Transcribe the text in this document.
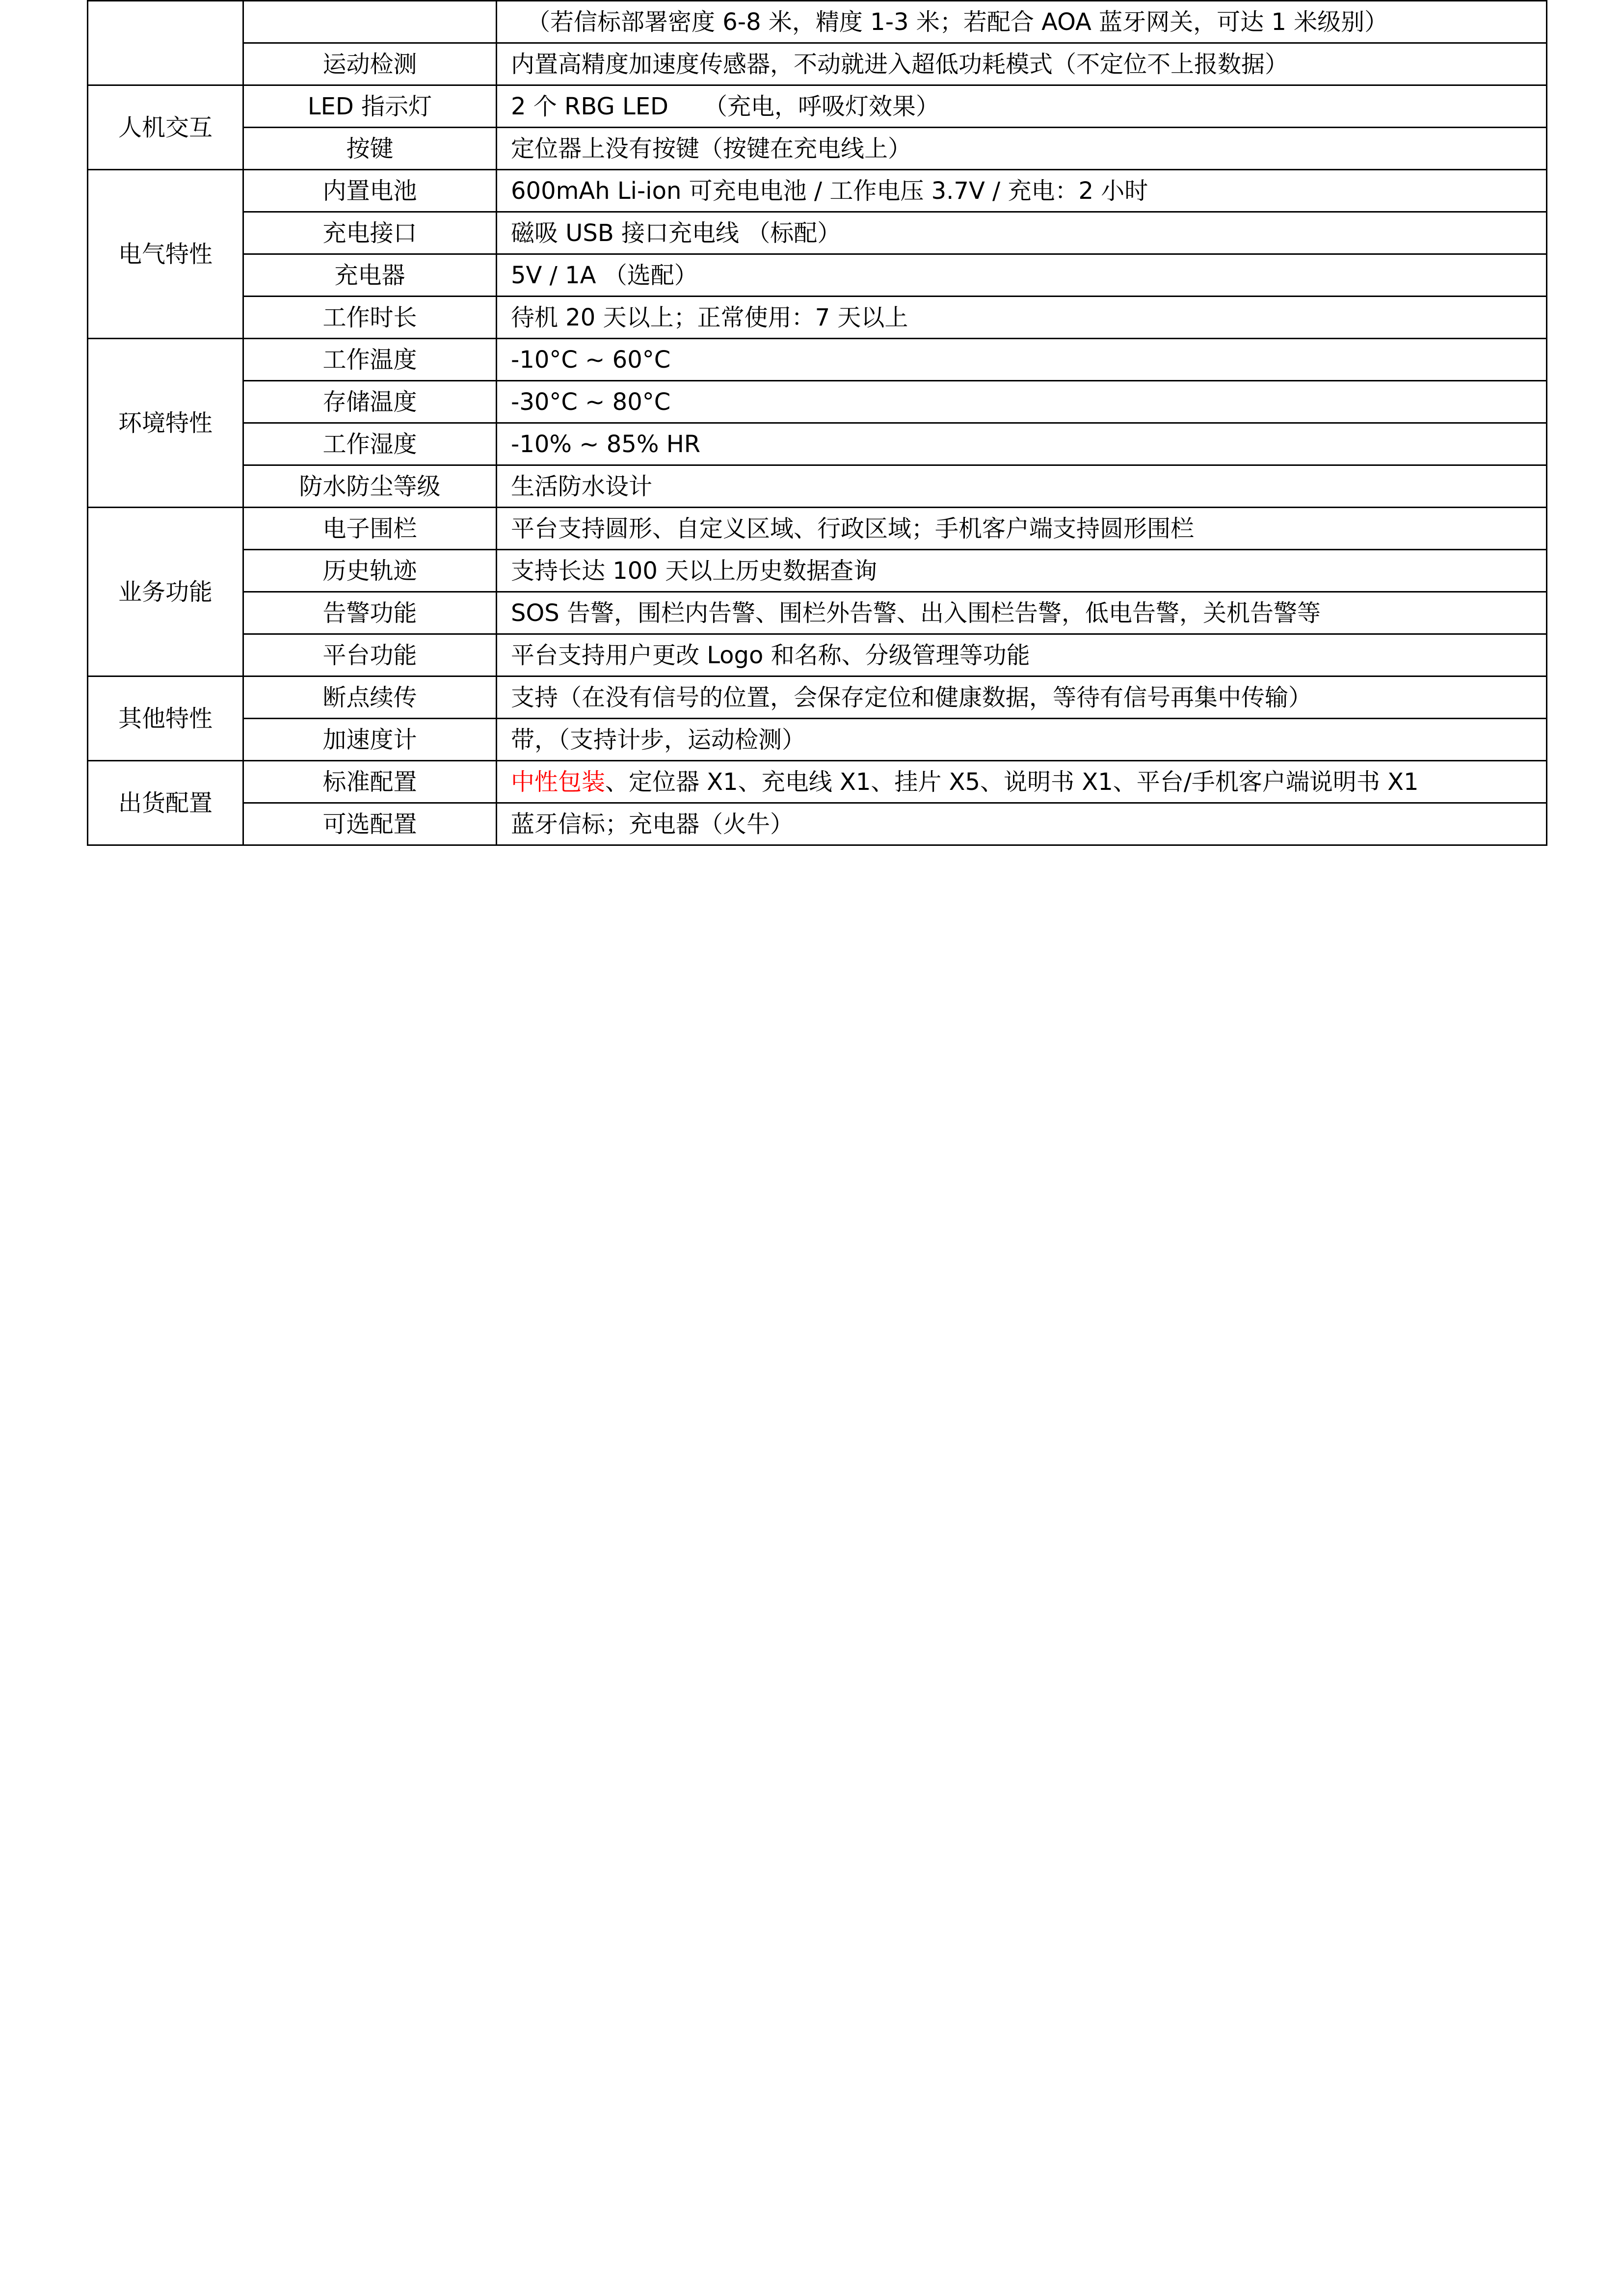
		（若信标部署密度 6-8 米，精度 1-3 米；若配合 AOA 蓝牙网关，可达 1 米级别）
	运动检测	内置高精度加速度传感器，不动就进入超低功耗模式（不定位不上报数据）
人机交互	LED 指示灯	2 个 RBG LED　　（充电，呼吸灯效果）
	按键	定位器上没有按键（按键在充电线上）
电气特性	内置电池	600mAh Li-ion 可充电电池 / 工作电压 3.7V / 充电：2 小时
	充电接口	磁吸 USB 接口充电线 （标配）
	充电器	5V / 1A （选配）
	工作时长	待机 20 天以上；正常使用：7 天以上
环境特性	工作温度	-10°C ~ 60°C
	存储温度	-30°C ~ 80°C
	工作湿度	-10% ~ 85% HR
	防水防尘等级	生活防水设计
业务功能	电子围栏	平台支持圆形、自定义区域、行政区域；手机客户端支持圆形围栏
	历史轨迹	支持长达 100 天以上历史数据查询
	告警功能	SOS 告警，围栏内告警、围栏外告警、出入围栏告警，低电告警，关机告警等
	平台功能	平台支持用户更改 Logo 和名称、分级管理等功能
其他特性	断点续传	支持（在没有信号的位置，会保存定位和健康数据，等待有信号再集中传输）
	加速度计	带，（支持计步，运动检测）
出货配置	标准配置	中性包装、定位器 X1、充电线 X1、挂片 X5、说明书 X1、平台/手机客户端说明书 X1
	可选配置	蓝牙信标；充电器（火牛）
